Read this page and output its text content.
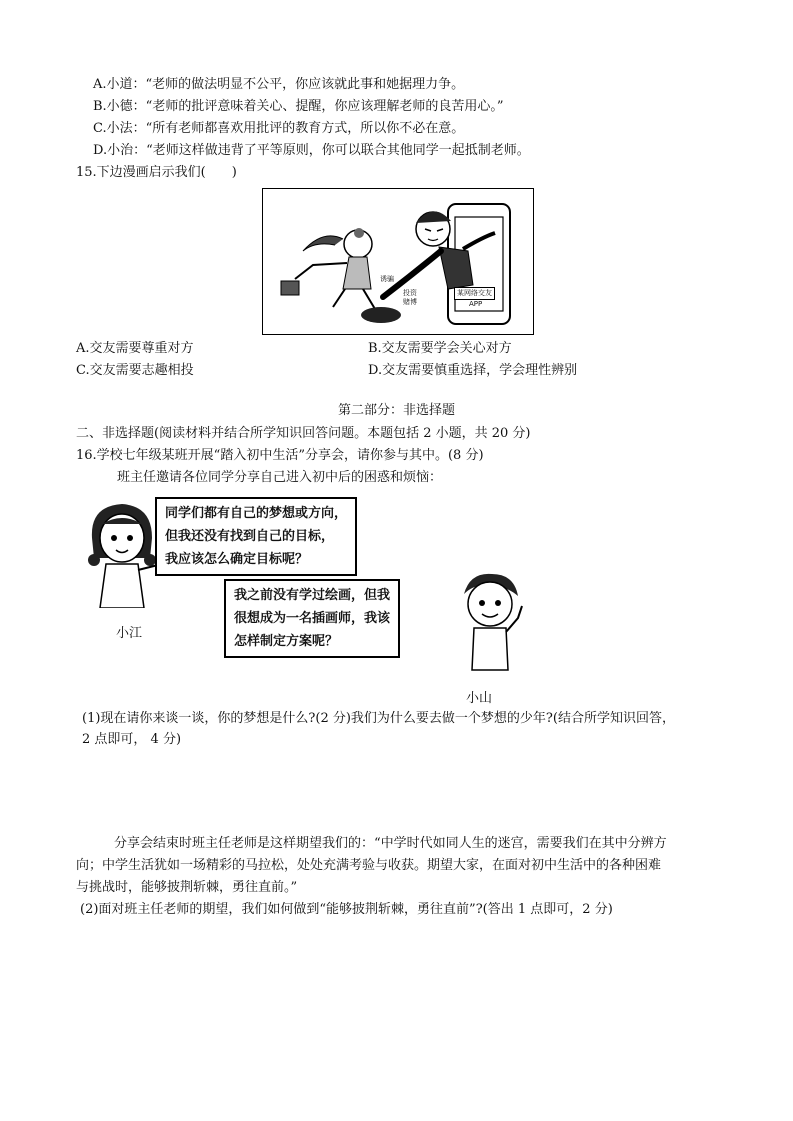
A.小道：“老师的做法明显不公平，你应该就此事和她据理力争。
B.小德：“老师的批评意味着关心、提醒，你应该理解老师的良苦用心。”
C.小法：“所有老师都喜欢用批评的教育方式，所以你不必在意。
D.小治：“老师这样做违背了平等原则，你可以联合其他同学一起抵制老师。
15.下边漫画启示我们(　　)
诱骗
投资
赌博
某网络交友
APP
A.交友需要尊重对方	B.交友需要学会关心对方
C.交友需要志趣相投	D.交友需要慎重选择，学会理性辨别
第二部分：非选择题
二、非选择题(阅读材料并结合所学知识回答问题。本题包括 2 小题，共 20 分)
16.学校七年级某班开展“踏入初中生活”分享会，请你参与其中。(8 分)
班主任邀请各位同学分享自己进入初中后的困惑和烦恼：
同学们都有自己的梦想或方向，
但我还没有找到自己的目标，
我应该怎么确定目标呢？
小江
我之前没有学过绘画，但我
很想成为一名插画师，我该
怎样制定方案呢？
小山
(1)现在请你来谈一谈，你的梦想是什么?(2 分)我们为什么要去做一个梦想的少年?(结合所学知识回答，
2 点即可， 4 分)
分享会结束时班主任老师是这样期望我们的：“中学时代如同人生的迷宫，需要我们在其中分辨方
向；中学生活犹如一场精彩的马拉松，处处充满考验与收获。期望大家，在面对初中生活中的各种困难
与挑战时，能够披荆斩棘，勇往直前。”
(2)面对班主任老师的期望，我们如何做到“能够披荆斩棘，勇往直前”?(答出 1 点即可，2 分)
